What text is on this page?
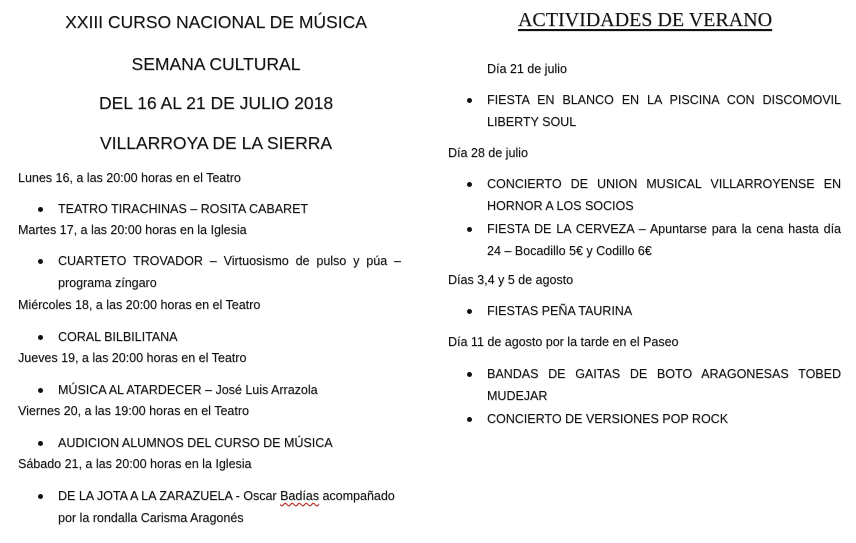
XXIII CURSO NACIONAL DE MÚSICA
SEMANA CULTURAL
DEL 16 AL 21 DE JULIO 2018
VILLARROYA DE LA SIERRA
Lunes 16, a las 20:00 horas en el Teatro
TEATRO TIRACHINAS – ROSITA CABARET
Martes 17, a las 20:00 horas en la Iglesia
CUARTETO TROVADOR – Virtuosismo de pulso y púa – programa zíngaro
Miércoles 18, a las 20:00 horas en el Teatro
CORAL BILBILITANA
Jueves 19, a las 20:00 horas en el Teatro
MÚSICA AL ATARDECER – José Luis Arrazola
Viernes 20, a las 19:00 horas en el Teatro
AUDICION ALUMNOS DEL CURSO DE MÚSICA
Sábado 21, a las 20:00 horas en la Iglesia
DE LA JOTA A LA ZARAZUELA - Oscar Badías acompañado por la rondalla Carisma Aragonés
ACTIVIDADES DE VERANO
Día 21 de julio
FIESTA EN BLANCO EN LA PISCINA CON DISCOMOVIL LIBERTY SOUL
Día 28 de julio
CONCIERTO DE UNION MUSICAL VILLARROYENSE EN HORNOR A LOS SOCIOS
FIESTA DE LA CERVEZA – Apuntarse para la cena hasta día 24 – Bocadillo 5€ y Codillo 6€
Días 3,4 y 5 de agosto
FIESTAS PEÑA TAURINA
Día 11 de agosto por la tarde en el Paseo
BANDAS DE GAITAS DE BOTO ARAGONESAS TOBED MUDEJAR
CONCIERTO DE VERSIONES POP ROCK
